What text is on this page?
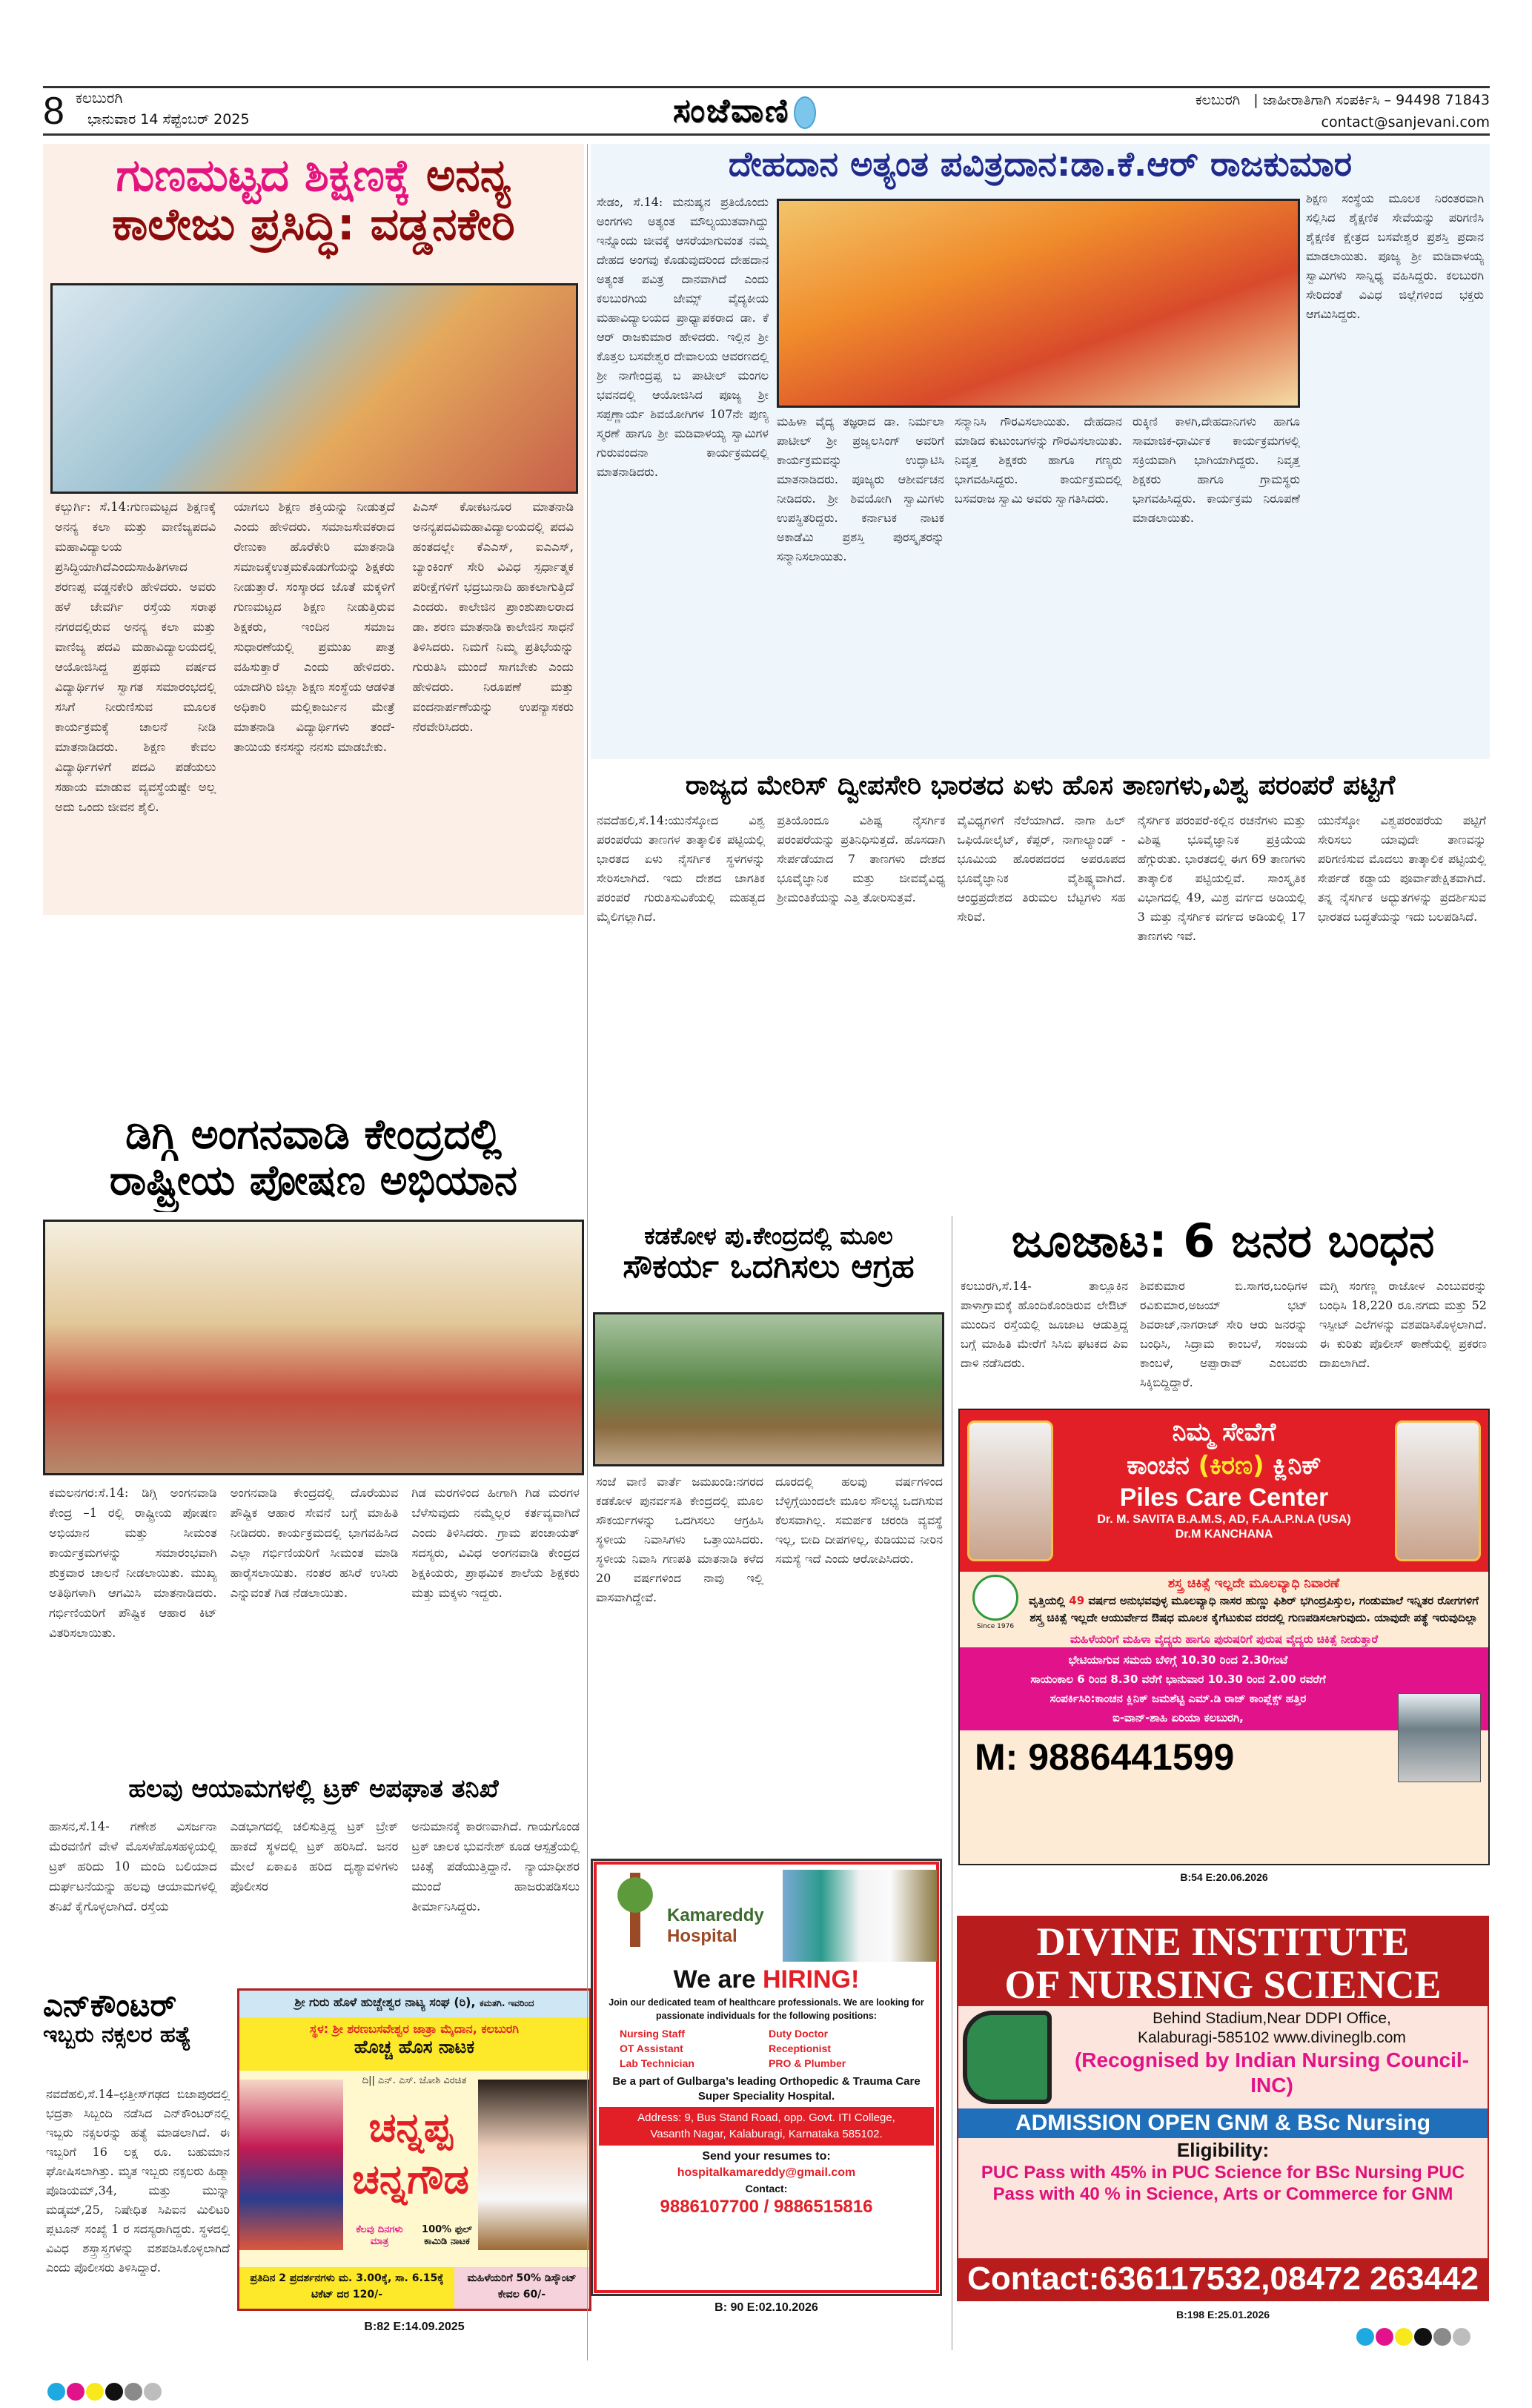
8 ಕಲಬುರಗಿ
ಭಾನುವಾರ 14 ಸೆಪ್ಟೆಂಬರ್ 2025	ಸಂಜೆವಾಣಿ	ಕಲಬುರಗಿ | ಜಾಹೀರಾತಿಗಾಗಿ ಸಂಪರ್ಕಿಸಿ – 94498 71843
contact@sanjevani.com
ಗುಣಮಟ್ಟದ ಶಿಕ್ಷಣಕ್ಕೆ ಅನನ್ಯ
ಕಾಲೇಜು ಪ್ರಸಿದ್ಧಿ: ವಡ್ಡನಕೇರಿ
ಕಲ್ಬುರ್ಗಿ: ಸೆ.14:ಗುಣಮಟ್ಟದ ಶಿಕ್ಷಣಕ್ಕೆ ಅನನ್ಯ ಕಲಾ ಮತ್ತು ವಾಣಿಜ್ಯಪದವಿ ಮಹಾವಿದ್ಯಾಲಯ ಪ್ರಸಿದ್ಧಿಯಾಗಿದೆಎಂದುಸಾಹಿತಿಗಳಾದ ಶರಣಪ್ಪ ವಡ್ಡನಕೇರಿ ಹೇಳಿದರು. ಅವರು ಹಳೆ ಜೇವರ್ಗಿ ರಸ್ತೆಯ ಸರಾಫ ನಗರದಲ್ಲಿರುವ ಅನನ್ಯ ಕಲಾ ಮತ್ತು ವಾಣಿಜ್ಯ ಪದವಿ ಮಹಾವಿದ್ಯಾಲಯದಲ್ಲಿ ಆಯೋಜಿಸಿದ್ದ ಪ್ರಥಮ ವರ್ಷದ ವಿದ್ಯಾರ್ಥಿಗಳ ಸ್ವಾಗತ ಸಮಾರಂಭದಲ್ಲಿ ಸಸಿಗೆ ನೀರುಣಿಸುವ ಮೂಲಕ ಕಾರ್ಯಕ್ರಮಕ್ಕೆ ಚಾಲನೆ ನೀಡಿ ಮಾತನಾಡಿದರು. ಶಿಕ್ಷಣ ಕೇವಲ ವಿದ್ಯಾರ್ಥಿಗಳಿಗೆ ಪದವಿ ಪಡೆಯಲು ಸಹಾಯ ಮಾಡುವ ವ್ಯವಸ್ಥೆಯಷ್ಟೇ ಅಲ್ಲ ಅದು ಒಂದು ಜೀವನ ಶೈಲಿ.
ಯಾಗಲು ಶಿಕ್ಷಣ ಶಕ್ತಿಯನ್ನು ನೀಡುತ್ತದೆ ಎಂದು ಹೇಳಿದರು. ಸಮಾಜಸೇವಕರಾದ ರೇಣುಕಾ ಹೊರೆಕೇರಿ ಮಾತನಾಡಿ ಸಮಾಜಕ್ಕೆಉತ್ತಮಕೊಡುಗೆಯನ್ನು ಶಿಕ್ಷಕರು ನೀಡುತ್ತಾರೆ. ಸಂಸ್ಕಾರದ ಜೊತೆ ಮಕ್ಕಳಿಗೆ ಗುಣಮಟ್ಟದ ಶಿಕ್ಷಣ ನೀಡುತ್ತಿರುವ ಶಿಕ್ಷಕರು, ಇಂದಿನ ಸಮಾಜ ಸುಧಾರಣೆಯಲ್ಲಿ ಪ್ರಮುಖ ಪಾತ್ರ ವಹಿಸುತ್ತಾರೆ ಎಂದು ಹೇಳಿದರು. ಯಾದಗಿರಿ ಜಿಲ್ಲಾ ಶಿಕ್ಷಣ ಸಂಸ್ಥೆಯ ಆಡಳಿತ ಅಧಿಕಾರಿ ಮಲ್ಲಿಕಾರ್ಜುನ ಮೇತ್ರೆ ಮಾತನಾಡಿ ವಿದ್ಯಾರ್ಥಿಗಳು ತಂದೆ-ತಾಯಿಯ ಕನಸನ್ನು ನನಸು ಮಾಡಬೇಕು.
ಪಿಎಸ್ ಕೋಕಟನೂರ ಮಾತನಾಡಿ ಅನನ್ಯಪದವಿಮಹಾವಿದ್ಯಾಲಯದಲ್ಲಿ ಪದವಿ ಹಂತದಲ್ಲೇ ಕೆಎಎಸ್, ಐಎಎಸ್, ಬ್ಯಾಂಕಿಂಗ್ ಸೇರಿ ವಿವಿಧ ಸ್ಪರ್ಧಾತ್ಮಕ ಪರೀಕ್ಷೆಗಳಿಗೆ ಭದ್ರಬುನಾದಿ ಹಾಕಲಾಗುತ್ತಿದೆ ಎಂದರು. ಕಾಲೇಜಿನ ಪ್ರಾಂಶುಪಾಲರಾದ ಡಾ. ಶರಣ ಮಾತನಾಡಿ ಕಾಲೇಜಿನ ಸಾಧನೆ ತಿಳಿಸಿದರು. ನಿಮಗೆ ನಿಮ್ಮ ಪ್ರತಿಭೆಯನ್ನು ಗುರುತಿಸಿ ಮುಂದೆ ಸಾಗಬೇಕು ಎಂದು ಹೇಳಿದರು. ನಿರೂಪಣೆ ಮತ್ತು ವಂದನಾರ್ಪಣೆಯನ್ನು ಉಪನ್ಯಾಸಕರು ನೆರವೇರಿಸಿದರು.
ದೇಹದಾನ ಅತ್ಯಂತ ಪವಿತ್ರದಾನ:ಡಾ.ಕೆ.ಆರ್ ರಾಜಕುಮಾರ
ಸೇಡಂ, ಸೆ.14: ಮನುಷ್ಯನ ಪ್ರತಿಯೊಂದು ಅಂಗಗಳು ಅತ್ಯಂತ ಮೌಲ್ಯಯುತವಾಗಿದ್ದು ಇನ್ನೊಂದು ಜೀವಕ್ಕೆ ಆಸರೆಯಾಗುವಂತ ನಮ್ಮ ದೇಹದ ಅಂಗವು ಕೊಡುವುದರಿಂದ ದೇಹದಾನ ಅತ್ಯಂತ ಪವಿತ್ರ ದಾನವಾಗಿದೆ ಎಂದು ಕಲಬುರಗಿಯ ಜೇಮ್ಸ್ ವೈದ್ಯಕೀಯ ಮಹಾವಿದ್ಯಾಲಯದ ಪ್ರಾಧ್ಯಾಪಕರಾದ ಡಾ. ಕೆ ಆರ್ ರಾಜಕುಮಾರ ಹೇಳಿದರು. ಇಲ್ಲಿನ ಶ್ರೀ ಕೊತ್ತಲ ಬಸವೇಶ್ವರ ದೇವಾಲಯ ಆವರಣದಲ್ಲಿ ಶ್ರೀ ನಾಗೇಂದ್ರಪ್ಪ ಬ ಪಾಟೀಲ್ ಮಂಗಲ ಭವನದಲ್ಲಿ ಆಯೋಜಿಸಿದ ಪೂಜ್ಯ ಶ್ರೀ ಸಪ್ಪಣ್ಣಾರ್ಯ ಶಿವಯೋಗಿಗಳ 107ನೇ ಪುಣ್ಯ ಸ್ಮರಣೆ ಹಾಗೂ ಶ್ರೀ ಮಡಿವಾಳಯ್ಯ ಸ್ವಾಮಿಗಳ ಗುರುವಂದನಾ ಕಾರ್ಯಕ್ರಮದಲ್ಲಿ ಮಾತನಾಡಿದರು.
ಶಿಕ್ಷಣ ಸಂಸ್ಥೆಯ ಮೂಲಕ ನಿರಂತರವಾಗಿ ಸಲ್ಲಿಸಿದ ಶೈಕ್ಷಣಿಕ ಸೇವೆಯನ್ನು ಪರಿಗಣಿಸಿ ಶೈಕ್ಷಣಿಕ ಕ್ಷೇತ್ರದ ಬಸವೇಶ್ವರ ಪ್ರಶಸ್ತಿ ಪ್ರದಾನ ಮಾಡಲಾಯಿತು. ಪೂಜ್ಯ ಶ್ರೀ ಮಡಿವಾಳಯ್ಯ ಸ್ವಾಮಿಗಳು ಸಾನ್ನಿಧ್ಯ ವಹಿಸಿದ್ದರು. ಕಲಬುರಗಿ ಸೇರಿದಂತೆ ವಿವಿಧ ಜಿಲ್ಲೆಗಳಿಂದ ಭಕ್ತರು ಆಗಮಿಸಿದ್ದರು.
ಮಹಿಳಾ ವೈದ್ಯ ತಜ್ಞರಾದ ಡಾ. ನಿರ್ಮಲಾ ಪಾಟೀಲ್ ಶ್ರೀ ಪ್ರಜ್ವಲಸಿಂಗ್ ಅವರಿಗೆ ಕಾರ್ಯಕ್ರಮವನ್ನು ಉದ್ಘಾಟಿಸಿ ಮಾತನಾಡಿದರು. ಪೂಜ್ಯರು ಆಶೀರ್ವಚನ ನೀಡಿದರು. ಶ್ರೀ ಶಿವಯೋಗಿ ಸ್ವಾಮಿಗಳು ಉಪಸ್ಥಿತರಿದ್ದರು. ಕರ್ನಾಟಕ ನಾಟಕ ಅಕಾಡೆಮಿ ಪ್ರಶಸ್ತಿ ಪುರಸ್ಕೃತರನ್ನು ಸನ್ಮಾನಿಸಲಾಯಿತು.
ಸನ್ಮಾನಿಸಿ ಗೌರವಿಸಲಾಯಿತು. ದೇಹದಾನ ಮಾಡಿದ ಕುಟುಂಬಗಳನ್ನು ಗೌರವಿಸಲಾಯಿತು. ನಿವೃತ್ತ ಶಿಕ್ಷಕರು ಹಾಗೂ ಗಣ್ಯರು ಭಾಗವಹಿಸಿದ್ದರು. ಕಾರ್ಯಕ್ರಮದಲ್ಲಿ ಬಸವರಾಜ ಸ್ವಾಮಿ ಅವರು ಸ್ವಾಗತಿಸಿದರು.
ರುಕ್ಕಿಣಿ ಕಾಳಗಿ,ದೇಹದಾನಿಗಳು ಹಾಗೂ ಸಾಮಾಜಿಕ-ಧಾರ್ಮಿಕ ಕಾರ್ಯಕ್ರಮಗಳಲ್ಲಿ ಸಕ್ರಿಯವಾಗಿ ಭಾಗಿಯಾಗಿದ್ದರು. ನಿವೃತ್ತ ಶಿಕ್ಷಕರು ಹಾಗೂ ಗ್ರಾಮಸ್ಥರು ಭಾಗವಹಿಸಿದ್ದರು. ಕಾರ್ಯಕ್ರಮ ನಿರೂಪಣೆ ಮಾಡಲಾಯಿತು.
ರಾಜ್ಯದ ಮೇರಿಸ್ ದ್ವೀಪಸೇರಿ ಭಾರತದ ಏಳು ಹೊಸ ತಾಣಗಳು,ವಿಶ್ವ ಪರಂಪರೆ ಪಟ್ಟಿಗೆ
ನವದೆಹಲಿ,ಸೆ.14:ಯುನೆಸ್ಕೋದ ವಿಶ್ವ ಪರಂಪರೆಯ ತಾಣಗಳ ತಾತ್ಕಾಲಿಕ ಪಟ್ಟಿಯಲ್ಲಿ ಭಾರತದ ಏಳು ನೈಸರ್ಗಿಕ ಸ್ಥಳಗಳನ್ನು ಸೇರಿಸಲಾಗಿದೆ. ಇದು ದೇಶದ ಜಾಗತಿಕ ಪರಂಪರೆ ಗುರುತಿಸುವಿಕೆಯಲ್ಲಿ ಮಹತ್ವದ ಮೈಲಿಗಲ್ಲಾಗಿದೆ.
ಪ್ರತಿಯೊಂದೂ ವಿಶಿಷ್ಟ ನೈಸರ್ಗಿಕ ಪರಂಪರೆಯನ್ನು ಪ್ರತಿನಿಧಿಸುತ್ತದೆ. ಹೊಸದಾಗಿ ಸೇರ್ಪಡೆಯಾದ 7 ತಾಣಗಳು ದೇಶದ ಭೂವೈಜ್ಞಾನಿಕ ಮತ್ತು ಜೀವವೈವಿಧ್ಯ ಶ್ರೀಮಂತಿಕೆಯನ್ನು ಎತ್ತಿ ತೋರಿಸುತ್ತವೆ.
ವೈವಿಧ್ಯಗಳಿಗೆ ನೆಲೆಯಾಗಿದೆ. ನಾಗಾ ಹಿಲ್ ಒಫಿಯೋಲೈಟ್, ಕೆಪ್ಪರ್, ನಾಗಾಲ್ಯಾಂಡ್ - ಭೂಮಿಯ ಹೊರಪದರದ ಅಪರೂಪದ ಭೂವೈಜ್ಞಾನಿಕ ವೈಶಿಷ್ಟ್ಯವಾಗಿದೆ. ಆಂಧ್ರಪ್ರದೇಶದ ತಿರುಮಲ ಬೆಟ್ಟಗಳು ಸಹ ಸೇರಿವೆ.
ನೈಸರ್ಗಿಕ ಪರಂಪರೆ-ಕಲ್ಲಿನ ರಚನೆಗಳು ಮತ್ತು ವಿಶಿಷ್ಟ ಭೂವೈಜ್ಞಾನಿಕ ಪ್ರಕ್ರಿಯೆಯ ಹೆಗ್ಗುರುತು. ಭಾರತದಲ್ಲಿ ಈಗ 69 ತಾಣಗಳು ತಾತ್ಕಾಲಿಕ ಪಟ್ಟಿಯಲ್ಲಿವೆ. ಸಾಂಸ್ಕೃತಿಕ ವಿಭಾಗದಲ್ಲಿ 49, ಮಿಶ್ರ ವರ್ಗದ ಅಡಿಯಲ್ಲಿ 3 ಮತ್ತು ನೈಸರ್ಗಿಕ ವರ್ಗದ ಅಡಿಯಲ್ಲಿ 17 ತಾಣಗಳು ಇವೆ.
ಯುನೆಸ್ಕೋ ವಿಶ್ವಪರಂಪರೆಯ ಪಟ್ಟಿಗೆ ಸೇರಿಸಲು ಯಾವುದೇ ತಾಣವನ್ನು ಪರಿಗಣಿಸುವ ಮೊದಲು ತಾತ್ಕಾಲಿಕ ಪಟ್ಟಿಯಲ್ಲಿ ಸೇರ್ಪಡೆ ಕಡ್ಡಾಯ ಪೂರ್ವಾಪೇಕ್ಷಿತವಾಗಿದೆ. ತನ್ನ ನೈಸರ್ಗಿಕ ಅದ್ಭುತಗಳನ್ನು ಪ್ರದರ್ಶಿಸುವ ಭಾರತದ ಬದ್ಧತೆಯನ್ನು ಇದು ಬಲಪಡಿಸಿದೆ.
ಡಿಗ್ಗಿ ಅಂಗನವಾಡಿ ಕೇಂದ್ರದಲ್ಲಿ
ರಾಷ್ಟ್ರೀಯ ಪೋಷಣ ಅಭಿಯಾನ
ಕಮಲನಗರ:ಸೆ.14: ಡಿಗ್ಗಿ ಅಂಗನವಾಡಿ ಕೇಂದ್ರ –1 ರಲ್ಲಿ ರಾಷ್ಟ್ರೀಯ ಪೋಷಣ ಅಭಿಯಾನ ಮತ್ತು ಸೀಮಂತ ಕಾರ್ಯಕ್ರಮಗಳನ್ನು ಸಮಾರಂಭವಾಗಿ ಶುಕ್ರವಾರ ಚಾಲನೆ ನೀಡಲಾಯಿತು. ಮುಖ್ಯ ಅತಿಥಿಗಳಾಗಿ ಆಗಮಿಸಿ ಮಾತನಾಡಿದರು. ಗರ್ಭಿಣಿಯರಿಗೆ ಪೌಷ್ಟಿಕ ಆಹಾರ ಕಿಟ್ ವಿತರಿಸಲಾಯಿತು.
ಅಂಗನವಾಡಿ ಕೇಂದ್ರದಲ್ಲಿ ದೊರೆಯುವ ಪೌಷ್ಟಿಕ ಆಹಾರ ಸೇವನೆ ಬಗ್ಗೆ ಮಾಹಿತಿ ನೀಡಿದರು. ಕಾರ್ಯಕ್ರಮದಲ್ಲಿ ಭಾಗವಹಿಸಿದ ಎಲ್ಲಾ ಗರ್ಭಿಣಿಯರಿಗೆ ಸೀಮಂತ ಮಾಡಿ ಹಾರೈಸಲಾಯಿತು. ನಂತರ ಹಸಿರೆ ಉಸಿರು ಎನ್ನುವಂತೆ ಗಿಡ ನೆಡಲಾಯಿತು.
ಗಿಡ ಮರಗಳಿಂದ ಹೀಗಾಗಿ ಗಿಡ ಮರಗಳ ಬೆಳೆಸುವುದು ನಮ್ಮೆಲ್ಲರ ಕರ್ತವ್ಯವಾಗಿದೆ ಎಂದು ತಿಳಿಸಿದರು. ಗ್ರಾಮ ಪಂಚಾಯತ್ ಸದಸ್ಯರು, ವಿವಿಧ ಅಂಗನವಾಡಿ ಕೇಂದ್ರದ ಶಿಕ್ಷಕಿಯರು, ಪ್ರಾಥಮಿಕ ಶಾಲೆಯ ಶಿಕ್ಷಕರು ಮತ್ತು ಮಕ್ಕಳು ಇದ್ದರು.
ಕಡಕೋಳ ಪು.ಕೇಂದ್ರದಲ್ಲಿ ಮೂಲ
ಸೌಕರ್ಯ ಒದಗಿಸಲು ಆಗ್ರಹ
ಸಂಜೆ ವಾಣಿ ವಾರ್ತೆ ಜಮಖಂಡಿ:ನಗರದ ಕಡಕೋಳ ಪುನರ್ವಸತಿ ಕೇಂದ್ರದಲ್ಲಿ ಮೂಲ ಸೌಕರ್ಯಗಳನ್ನು ಒದಗಿಸಲು ಆಗ್ರಹಿಸಿ ಸ್ಥಳೀಯ ನಿವಾಸಿಗಳು ಒತ್ತಾಯಿಸಿದರು. ಸ್ಥಳೀಯ ನಿವಾಸಿ ಗಣಪತಿ ಮಾತನಾಡಿ ಕಳೆದ 20 ವರ್ಷಗಳಿಂದ ನಾವು ಇಲ್ಲಿ ವಾಸವಾಗಿದ್ದೇವೆ.
ದೂರದಲ್ಲಿ ಹಲವು ವರ್ಷಗಳಿಂದ ಬೆಳ್ಳಿಗ್ಗೆಯಿಂದಲೇ ಮೂಲ ಸೌಲಭ್ಯ ಒದಗಿಸುವ ಕೆಲಸವಾಗಿಲ್ಲ. ಸಮರ್ಪಕ ಚರಂಡಿ ವ್ಯವಸ್ಥೆ ಇಲ್ಲ, ಬೀದಿ ದೀಪಗಳಿಲ್ಲ, ಕುಡಿಯುವ ನೀರಿನ ಸಮಸ್ಯೆ ಇದೆ ಎಂದು ಆರೋಪಿಸಿದರು.
ಜೂಜಾಟ: 6 ಜನರ ಬಂಧನ
ಕಲಬುರಗಿ,ಸೆ.14- ತಾಲ್ಲೂಕಿನ ಪಾಳಾಗ್ರಾಮಕ್ಕೆ ಹೊಂದಿಕೊಂಡಿರುವ ಲೇಔಟ್ ಮುಂದಿನ ರಸ್ತೆಯಲ್ಲಿ ಜೂಜಾಟ ಆಡುತ್ತಿದ್ದ ಬಗ್ಗೆ ಮಾಹಿತಿ ಮೇರೆಗೆ ಸಿಸಿಬಿ ಘಟಕದ ಪಿಐ ದಾಳಿ ನಡೆಸಿದರು.
ಶಿವಕುಮಾರ ಬಿ.ಸಾಗರ,ಬಂಧಿಗಳ ರವಿಕುಮಾರ,ಅಜಯ್ ಭಟ್ ಶಿವರಾಜ್,ನಾಗರಾಜ್ ಸೇರಿ ಆರು ಜನರನ್ನು ಬಂಧಿಸಿ, ಸಿದ್ರಾಮ ಕಾಂಬಳೆ, ಸಂಜಯ ಕಾಂಬಳೆ, ಅಪ್ಪಾರಾವ್ ಎಂಬವರು ಸಿಕ್ಕಿಬಿದ್ದಿದ್ದಾರೆ.
ಮಗ್ಗಿ ಸಂಗಣ್ಣ ರಾಜೋಳ ಎಂಬುವರನ್ನು ಬಂಧಿಸಿ 18,220 ರೂ.ನಗದು ಮತ್ತು 52 ಇಸ್ಪೀಟ್ ಎಲೆಗಳನ್ನು ವಶಪಡಿಸಿಕೊಳ್ಳಲಾಗಿದೆ. ಈ ಕುರಿತು ಪೊಲೀಸ್ ಠಾಣೆಯಲ್ಲಿ ಪ್ರಕರಣ ದಾಖಲಾಗಿದೆ.
ಹಲವು ಆಯಾಮಗಳಲ್ಲಿ ಟ್ರಕ್ ಅಪಘಾತ ತನಿಖೆ
ಹಾಸನ,ಸೆ.14- ಗಣೇಶ ವಿಸರ್ಜನಾ ಮೆರವಣಿಗೆ ವೇಳೆ ಮೊಸಳೆಹೊಸಹಳ್ಳಿಯಲ್ಲಿ ಟ್ರಕ್ ಹರಿದು 10 ಮಂದಿ ಬಲಿಯಾದ ದುರ್ಘಟನೆಯನ್ನು ಹಲವು ಆಯಾಮಗಳಲ್ಲಿ ತನಿಖೆ ಕೈಗೊಳ್ಳಲಾಗಿದೆ. ರಸ್ತೆಯ
ಎಡಭಾಗದಲ್ಲಿ ಚಲಿಸುತ್ತಿದ್ದ ಟ್ರಕ್ ಬ್ರೇಕ್ ಹಾಕದೆ ಸ್ಥಳದಲ್ಲಿ ಟ್ರಕ್ ಹರಿಸಿದೆ. ಜನರ ಮೇಲೆ ಏಕಾಏಕಿ ಹರಿದ ದೃಶ್ಯಾವಳಿಗಳು ಪೊಲೀಸರ
ಅನುಮಾನಕ್ಕೆ ಕಾರಣವಾಗಿದೆ. ಗಾಯಗೊಂಡ ಟ್ರಕ್ ಚಾಲಕ ಭುವನೇಶ್ ಕೂಡ ಆಸ್ಪತ್ರೆಯಲ್ಲಿ ಚಿಕಿತ್ಸೆ ಪಡೆಯುತ್ತಿದ್ದಾನೆ. ನ್ಯಾಯಾಧೀಶರ ಮುಂದೆ ಹಾಜರುಪಡಿಸಲು ತೀರ್ಮಾನಿಸಿದ್ದರು.
ಎನ್‌ಕೌಂಟರ್
ಇಬ್ಬರು ನಕ್ಸಲರ ಹತ್ಯೆ
ನವದೆಹಲಿ,ಸೆ.14–ಛತ್ತೀಸ್‌ಗಢದ ಬಿಜಾಪುರದಲ್ಲಿ ಭದ್ರತಾ ಸಿಬ್ಬಂದಿ ನಡೆಸಿದ ಎನ್‌ಕೌಂಟರ್‌ನಲ್ಲಿ ಇಬ್ಬರು ನಕ್ಸಲರನ್ನು ಹತ್ಯೆ ಮಾಡಲಾಗಿದೆ. ಈ ಇಬ್ಬರಿಗೆ 16 ಲಕ್ಷ ರೂ. ಬಹುಮಾನ ಘೋಷಿಸಲಾಗಿತ್ತು. ಮೃತ ಇಬ್ಬರು ನಕ್ಸಲರು ಹಿಡ್ಮಾ ಪೊಡಿಯಮ್,34, ಮತ್ತು ಮುನ್ನಾ ಮಡ್ಕಮ್,25, ನಿಷೇಧಿತ ಸಿಪಿಐನ ಮಿಲಿಟರಿ ಪ್ಲಟೂನ್ ಸಂಖ್ಯೆ 1 ರ ಸದಸ್ಯರಾಗಿದ್ದರು. ಸ್ಥಳದಲ್ಲಿ ವಿವಿಧ ಶಸ್ತ್ರಾಸ್ತ್ರಗಳನ್ನು ವಶಪಡಿಸಿಕೊಳ್ಳಲಾಗಿದೆ ಎಂದು ಪೊಲೀಸರು ತಿಳಿಸಿದ್ದಾರೆ.
ಶ್ರೀ ಗುರು ಹೊಳೆ ಹುಚ್ಚೇಶ್ವರ ನಾಟ್ಯ ಸಂಘ (ರಿ), ಕಮತಗಿ. ಇವರಿಂದ
ಸ್ಥಳ: ಶ್ರೀ ಶರಣಬಸವೇಶ್ವರ ಜಾತ್ರಾ ಮೈದಾನ, ಕಲಬುರಗಿ
ಹೊಚ್ಚ ಹೊಸ ನಾಟಕ
ದಿ|| ಎನ್. ಎಸ್. ಜೋಶಿ ವಿರಚಿತ
ಚನ್ನಪ್ಪ
ಚನ್ನಗೌಡ
ಕೆಲವು ದಿನಗಳು ಮಾತ್ರ
100% ಫುಲ್ ಕಾಮಿಡಿ ನಾಟಕ
ಪ್ರತಿದಿನ 2 ಪ್ರದರ್ಶನಗಳು ಮ. 3.00ಕ್ಕೆ, ಸಾ. 6.15ಕ್ಕೆ ಟಿಕೆಟ್ ದರ 120/-
ಮಹಿಳೆಯರಿಗೆ 50% ಡಿಸ್ಕೌಂಟ್ ಕೇವಲ 60/-
B:82 E:14.09.2025
Kamareddy
Hospital
We are HIRING!
Join our dedicated team of healthcare professionals. We are looking for passionate individuals for the following positions:
Nursing Staff	Duty Doctor
OT Assistant	Receptionist
Lab Technician	PRO & Plumber
Be a part of Gulbarga’s leading Orthopedic & Trauma Care Super Speciality Hospital.
Address: 9, Bus Stand Road, opp. Govt. ITI College, Vasanth Nagar, Kalaburagi, Karnataka 585102.
Send your resumes to:
hospitalkamareddy@gmail.com
Contact:
9886107700 / 9886515816
B: 90 E:02.10.2026
ನಿಮ್ಮ ಸೇವೆಗೆ
ಕಾಂಚನ (ಕಿರಣ) ಕ್ಲಿನಿಕ್
Piles Care Center
Dr. M. SAVITA B.A.M.S, AD, F.A.A.P.N.A (USA)
Dr.M KANCHANA
Since 1976
ಶಸ್ತ್ರ ಚಿಕಿತ್ಸೆ ಇಲ್ಲದೇ ಮೂಲವ್ಯಾಧಿ ನಿವಾರಣೆ
ವೃತ್ತಿಯಲ್ಲಿ 49 ವರ್ಷದ ಅನುಭವವುಳ್ಳ ಮೂಲವ್ಯಾಧಿ ನಾಸರ ಹುಣ್ಣು ಫಿಶಿರ್ ಭಗಿಂದ್ರಪಿಸ್ತುಲ, ಗಂಡುಮಾಲೆ ಇನ್ನಿತರ ರೋಗಗಳಿಗೆ ಶಸ್ತ್ರ ಚಿಕಿತ್ಸೆ ಇಲ್ಲದೇ ಆಯುರ್ವೇದ ಔಷಧ ಮೂಲಕ ಕೈಗೆಟುಕುವ ದರದಲ್ಲಿ ಗುಣಪಡಿಸಲಾಗುವುದು. ಯಾವುದೇ ಪತ್ಥೆ ಇರುವುದಿಲ್ಲಾ
ಮಹಿಳೆಯರಿಗೆ ಮಹಿಳಾ ವೈದ್ಯರು ಹಾಗೂ ಪುರುಷರಿಗೆ ಪುರುಷ ವೈದ್ಯರು ಚಿಕಿತ್ಸೆ ನೀಡುತ್ತಾರೆ
ಭೇಟಿಯಾಗುವ ಸಮಯ ಬೆಳಿಗ್ಗೆ 10.30 ರಿಂದ 2.30ಗಂಟೆ
ಸಾಯಂಕಾಲ 6 ರಿಂದ 8.30 ವರೆಗೆ ಭಾನುವಾರ 10.30 ರಿಂದ 2.00 ರವರೆಗೆ
ಸಂಪರ್ಕಿಸಿರಿ:ಕಾಂಚನ ಕ್ಲಿನಿಕ್ ಜಮಶೆಟ್ಟಿ ಎಮ್.ಡಿ ರಾಜ್ ಕಾಂಪ್ಲೆಕ್ಸ್ ಹತ್ತಿರ
ಐ-ವಾನ್-ಶಾಹಿ ಏರಿಯಾ ಕಲಬುರಗಿ,
M: 9886441599
B:54 E:20.06.2026
DIVINE INSTITUTE
OF NURSING SCIENCE
Behind Stadium,Near DDPI Office,
Kalaburagi-585102 www.divineglb.com
(Recognised by Indian Nursing Council- INC)
ADMISSION OPEN GNM & BSc Nursing
Eligibility:
PUC Pass with 45% in PUC Science for BSc Nursing PUC Pass with 40 % in Science, Arts or Commerce for GNM
Contact:636117532,08472 263442
B:198 E:25.01.2026
